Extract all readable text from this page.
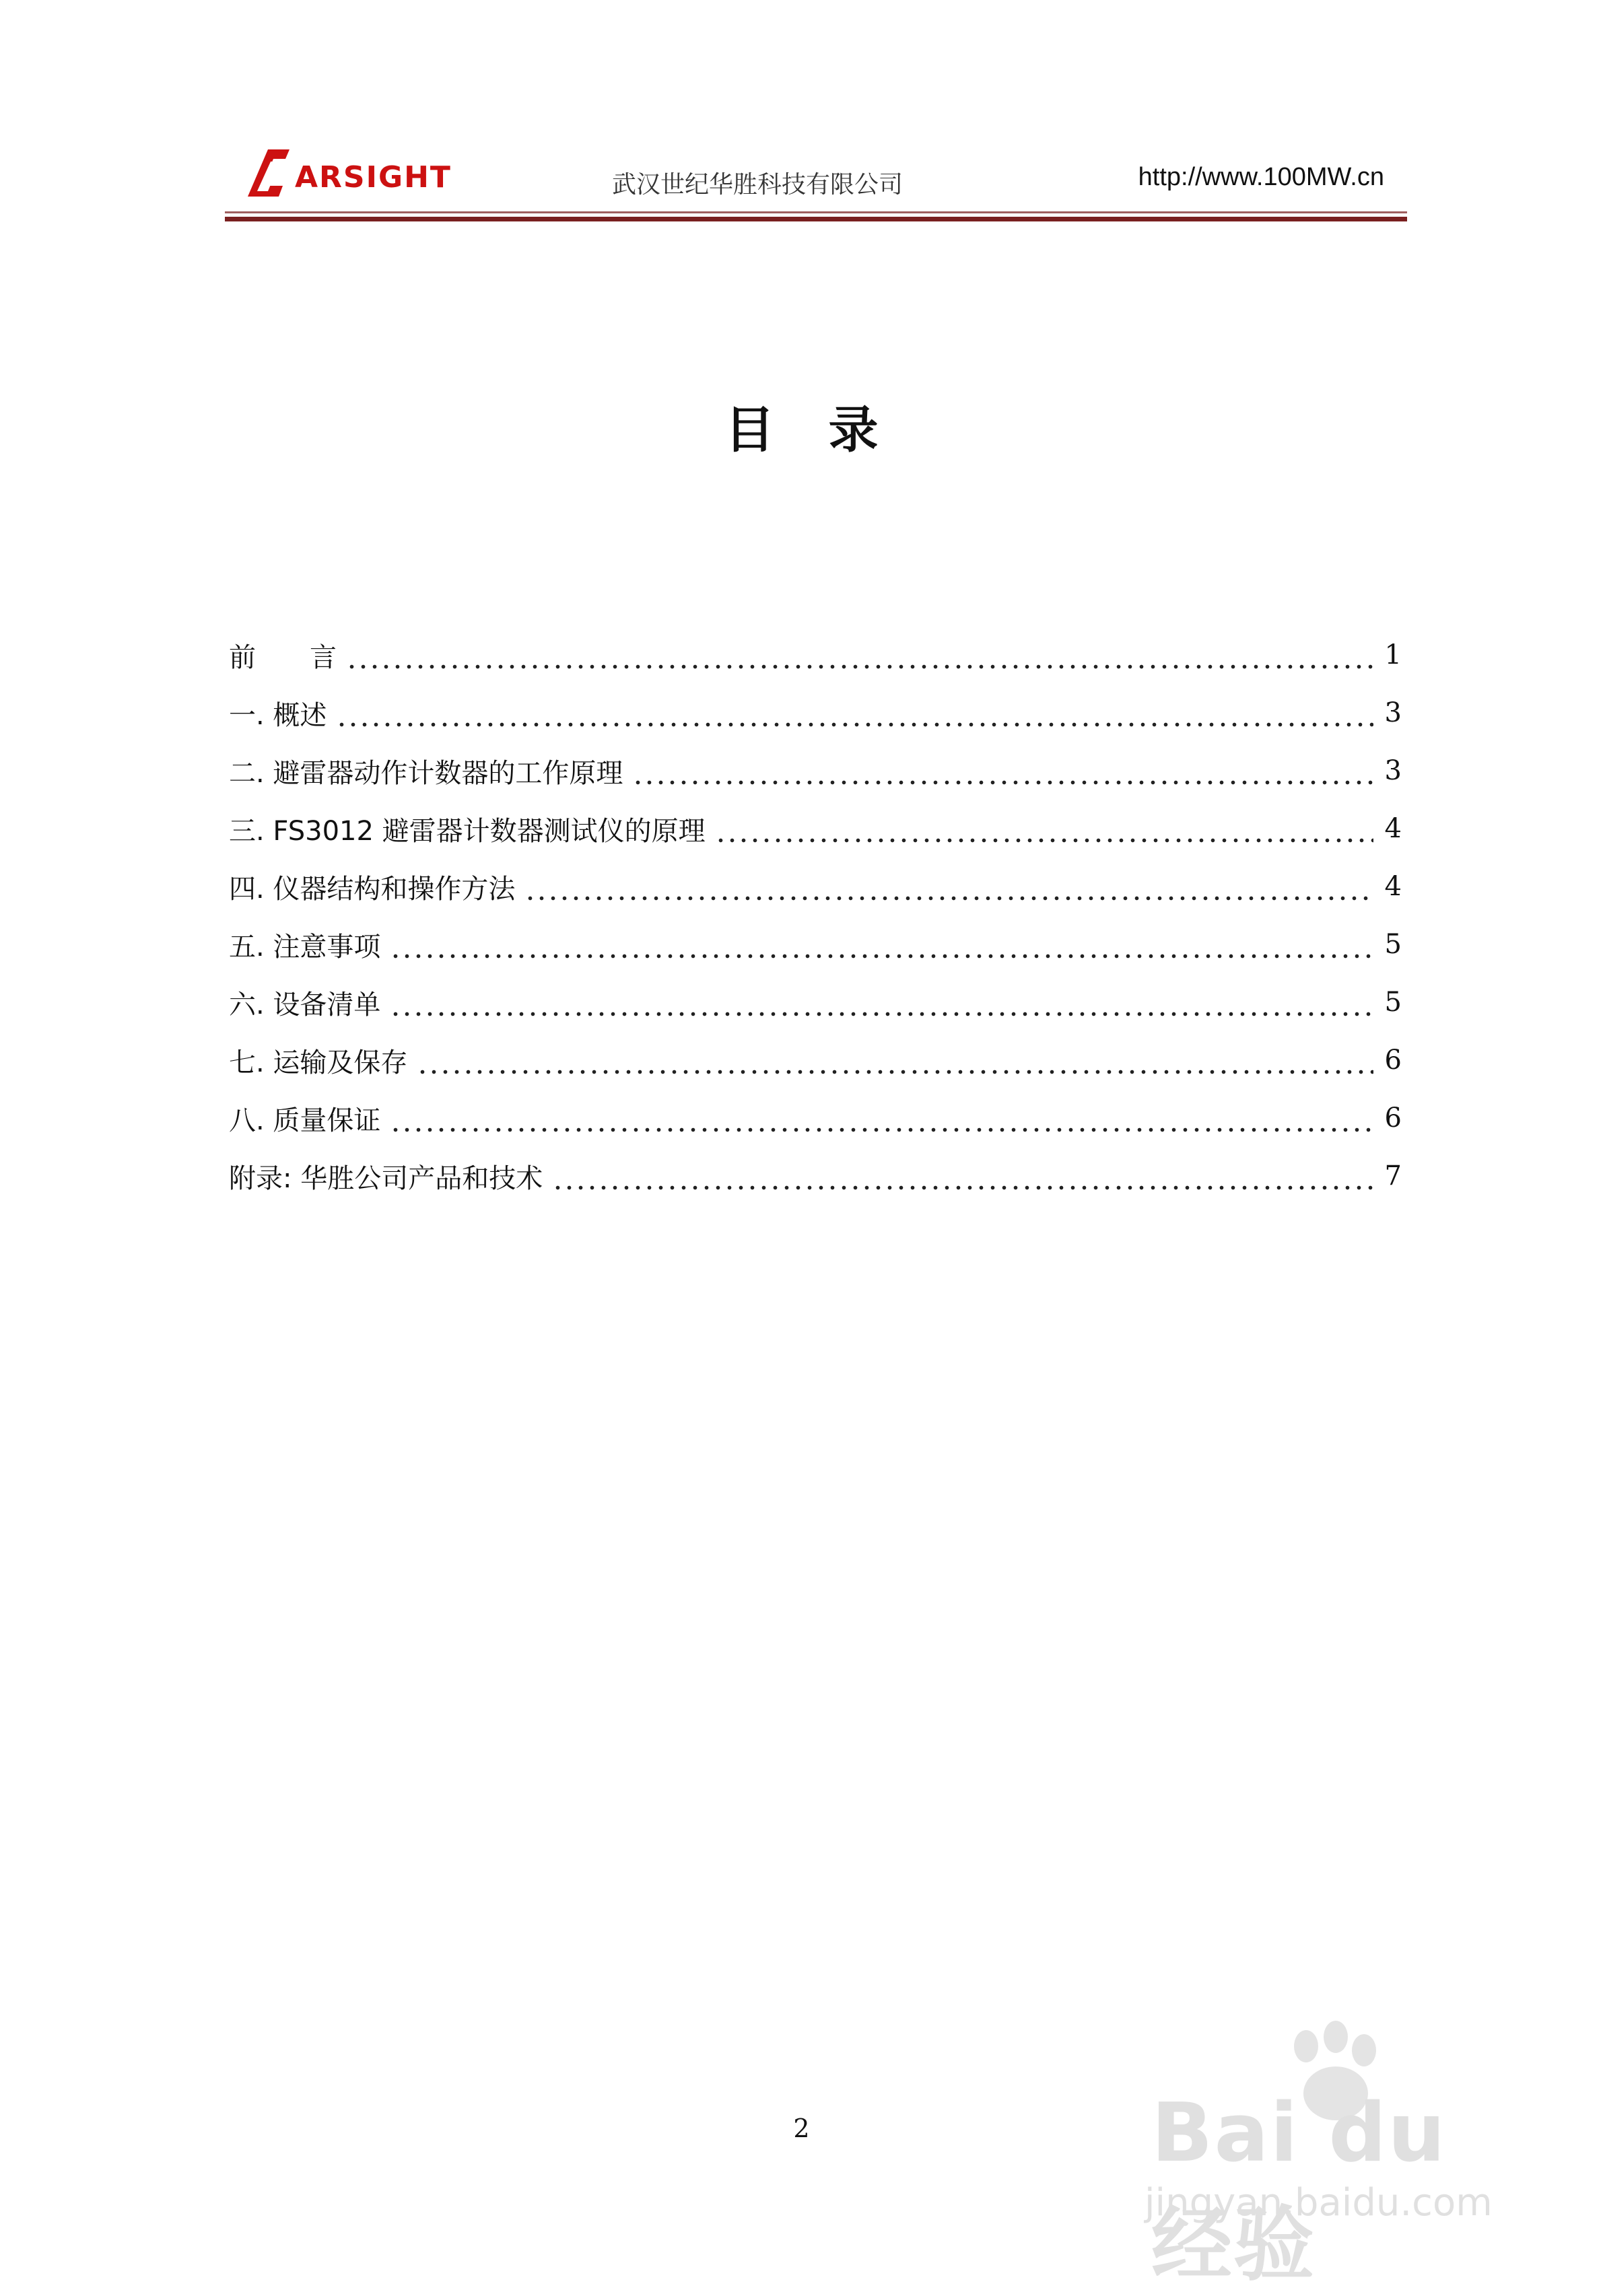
ARSIGHT	武汉世纪华胜科技有限公司	http://www.100MW.cn
目录
前　　言	1
一. 概述	3
二. 避雷器动作计数器的工作原理	3
三. FS3012 避雷器计数器测试仪的原理	4
四. 仪器结构和操作方法	4
五. 注意事项	5
六. 设备清单	5
七. 运输及保存	6
八. 质量保证	6
附录: 华胜公司产品和技术	7
2	Bai du 经验
jingyan.baidu.com
